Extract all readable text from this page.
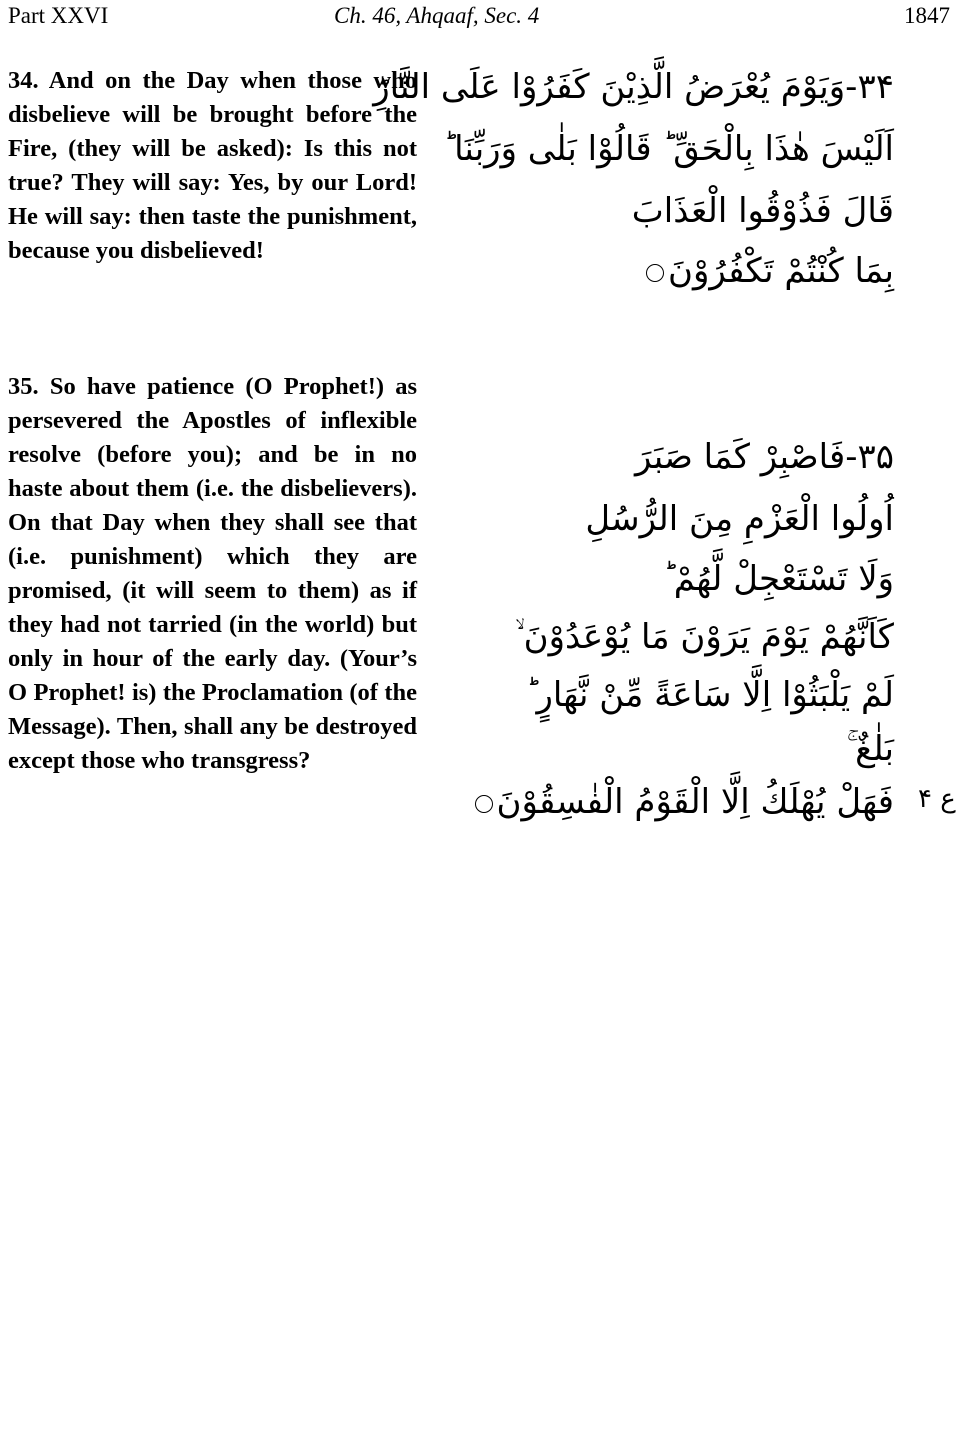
Part XXVI	Ch. 46, Ahqaaf, Sec. 4	1847

34. And on the Day when those who disbelieve will be brought before the Fire, (they will be asked): Is this not true? They will say: Yes, by our Lord! He will say: then taste the punishment, because you disbelieved!

۳۴-وَيَوْمَ يُعْرَضُ الَّذِيْنَ كَفَرُوْا عَلَى النَّارِؕ
اَلَيْسَ هٰذَا بِالْحَقِّ ؕ قَالُوْا بَلٰى وَرَبِّنَا ؕ
قَالَ فَذُوْقُوا الْعَذَابَ
بِمَا كُنْتُمْ تَكْفُرُوْنَ

35. So have patience (O Prophet!) as persevered the Apostles of inflexible resolve (before you); and be in no haste about them (i.e. the disbelievers). On that Day when they shall see that (i.e. punishment) which they are promised, (it will seem to them) as if they had not tarried (in the world) but only in hour of the early day. (Your’s O Prophet! is) the Proclamation (of the Message). Then, shall any be destroyed except those who transgress?

۳۵-فَاصْبِرْ كَمَا صَبَرَ
اُولُوا الْعَزْمِ مِنَ الرُّسُلِ
وَلَا تَسْتَعْجِلْ لَّهُمْ ؕ
كَاَنَّهُمْ يَوْمَ يَرَوْنَ مَا يُوْعَدُوْنَ ۙ
لَمْ يَلْبَثُوْا اِلَّا سَاعَةً مِّنْ نَّهَارٍ ؕ
بَلٰغٌ ۚ
فَهَلْ يُهْلَكُ اِلَّا الْقَوْمُ الْفٰسِقُوْنَ ع ۴
